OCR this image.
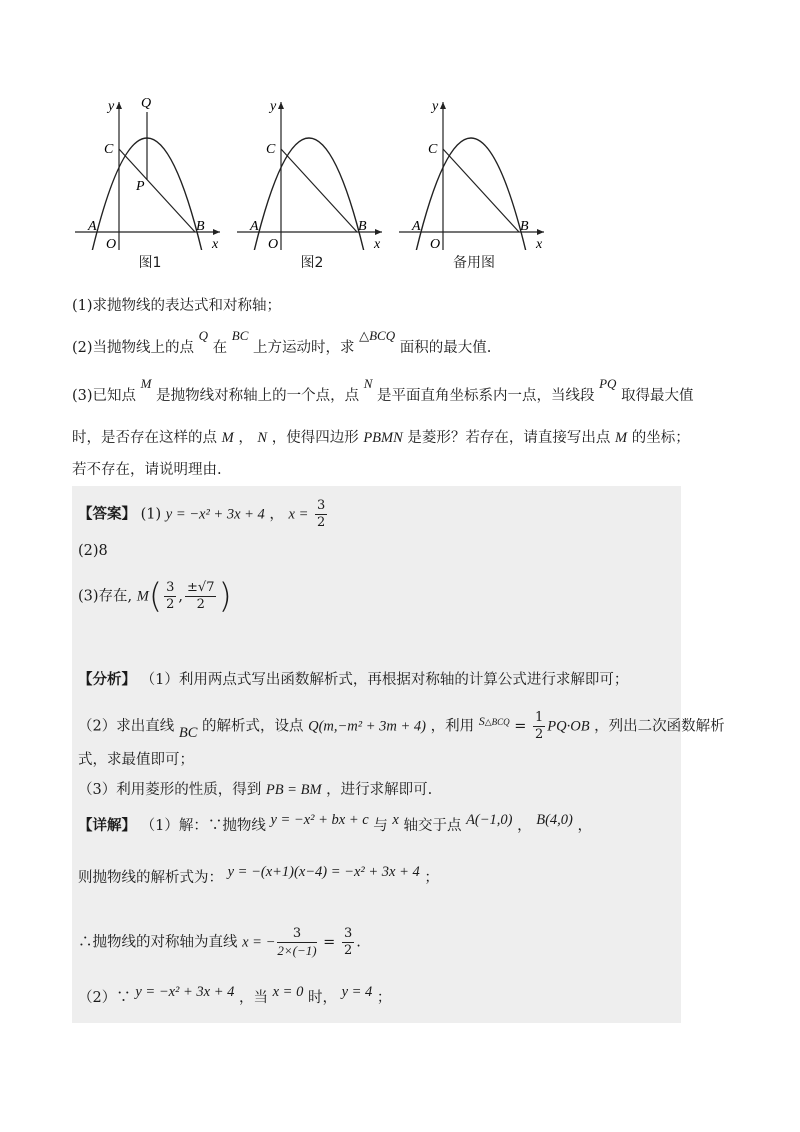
y
x
C
A
O
B
Q
P
图1
y
x
C
A
O
B
图2
y
x
C
A
O
B
备用图
(1)求抛物线的表达式和对称轴；
(2)当抛物线上的点 Q 在 BC 上方运动时，求 △BCQ 面积的最大值.
(3)已知点 M 是抛物线对称轴上的一个点，点 N 是平面直角坐标系内一点，当线段 PQ 取得最大值
时，是否存在这样的点 M ， N ，使得四边形 PBMN 是菱形？若存在，请直接写出点 M 的坐标；
若不存在，请说明理由.
【答案】 (1) y = −x² + 3x + 4 ， $x = \frac{3}{2}$
(2)8
(3)存在, $M( \frac{3}{2}$ , $\frac{\pm√7}{2}$ )
【分析】 （1）利用两点式写出函数解析式，再根据对称轴的计算公式进行求解即可；
（2）求出直线 BC 的解析式，设点 Q(m,−m² + 3m + 4) ，利用 $^{S\triangle BCQ} = \frac{1}{2} PQ\cdot OB$ ，列出二次函数解析
式，求最值即可；
（3）利用菱形的性质，得到 PB = BM ，进行求解即可.
【详解】 （1）解：∵抛物线 y = −x² + bx + c 与 x 轴交于点 A(−1,0) ， B(4,0) ，
则抛物线的解析式为： y = −(x+1)(x−4) = −x² + 3x + 4 ；
∴抛物线的对称轴为直线 x = − $\frac{3}{2\times(-1)} = \frac{3}{2}$ .
（2）∵ y = −x² + 3x + 4 ，当 x = 0 时， y = 4 ；
